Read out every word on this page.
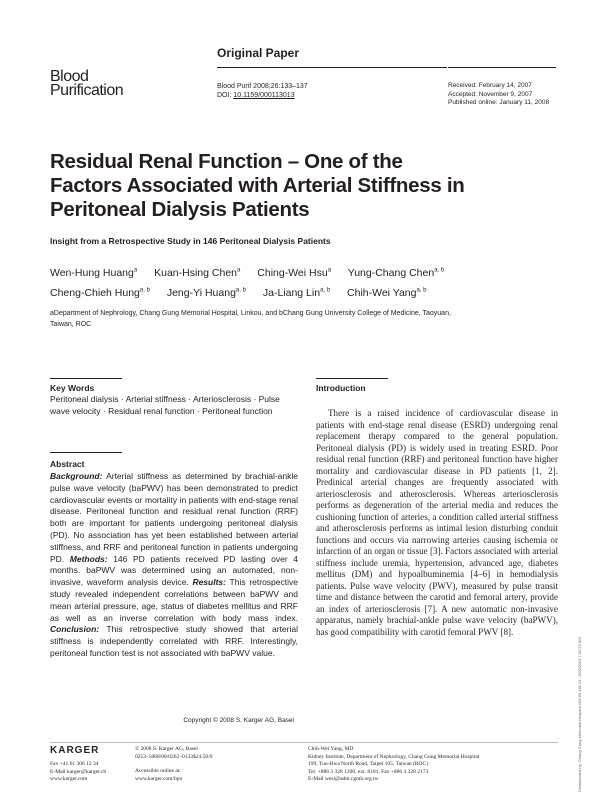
Blood
Purification
Original Paper
Blood Purif 2008;26:133–137
DOI: 10.1159/000113013
Received: February 14, 2007
Accepted: November 9, 2007
Published online: January 11, 2008
Residual Renal Function – One of the Factors Associated with Arterial Stiffness in Peritoneal Dialysis Patients
Insight from a Retrospective Study in 146 Peritoneal Dialysis Patients
Wen-Hung Huang$^a$ Kuan-Hsing Chen$^a$ Ching-Wei Hsu$^a$ Yung-Chang Chen$^{a, b}$
Cheng-Chieh Hung$^{a, b}$ Jeng-Yi Huang$^{a, b}$ Ja-Liang Lin$^{a, b}$ Chih-Wei Yang$^{a, b}$
aDepartment of Nephrology, Chang Gung Memorial Hospital, Linkou, and bChang Gung University College of Medicine, Taoyuan, Taiwan, ROC
Key Words
Peritoneal dialysis · Arterial stiffness · Arteriosclerosis · Pulse wave velocity · Residual renal function · Peritoneal function
Abstract
Background: Arterial stiffness as determined by brachial-ankle pulse wave velocity (baPWV) has been demonstrated to predict cardiovascular events or mortality in patients with end-stage renal disease. Peritoneal function and residual renal function (RRF) both are important for patients undergoing peritoneal dialysis (PD). No association has yet been established between arterial stiffness, and RRF and peritoneal function in patients undergoing PD. Methods: 146 PD patients received PD lasting over 4 months. baPWV was determined using an automated, non-invasive, waveform analysis device. Results: This retrospective study revealed independent correlations between baPWV and mean arterial pressure, age, status of diabetes mellitus and RRF as well as an inverse correlation with body mass index. Conclusion: This retrospective study showed that arterial stiffness is independently correlated with RRF. Interestingly, peritoneal function test is not associated with baPWV value.
Copyright © 2008 S. Karger AG, Basel
Introduction
There is a raised incidence of cardiovascular disease in patients with end-stage renal disease (ESRD) undergoing renal replacement therapy compared to the general population. Peritoneal dialysis (PD) is widely used in treating ESRD. Poor residual renal function (RRF) and peritoneal function have higher mortality and cardiovascular disease in PD patients [1, 2]. Predinical arterial changes are frequently associated with arteriosclerosis and atherosclerosis. Whereas arteriosclerosis performs as degeneration of the arterial media and reduces the cushioning function of arteries, a condition called arterial stiffness and atherosclerosis performs as intimal lesion disturbing conduit functions and occurs via narrowing arteries causing ischemia or infarction of an organ or tissue [3]. Factors associated with arterial stiffness include uremia, hypertension, advanced age, diabetes mellitus (DM) and hypoalbuminemia [4–6] in hemodialysis patients. Pulse wave velocity (PWV), measured by pulse transit time and distance between the carotid and femoral artery, provide an index of arteriosclerosis [7]. A new automatic non-invasive apparatus, namely brachial-ankle pulse wave velocity (baPWV), has good compatibility with carotid femoral PWV [8].
KARGER
Fax +41 61 306 12 34
E-Mail karger@karger.ch
www.karger.com
© 2008 S. Karger AG, Basel
0253–5068/08/0262–0133$24.50/0
Accessible online at:
www.karger.com/bpu
Chih-Wei Yang, MD
Kidney Institute, Department of Nephrology, Chang Gung Memorial Hospital
199, Tun-Hwa North Road, Taipei 105, Taiwan (ROC)
Tel. +886 3 328 1200, ext. 8181, Fax +886 3 328 2173
E-Mail wesi@adm.cgmh.org.tw	Downloaded by: Chang Gung Memorial Hospital 203.69.118.23 - 8/20/2013 7:32:52 AM
